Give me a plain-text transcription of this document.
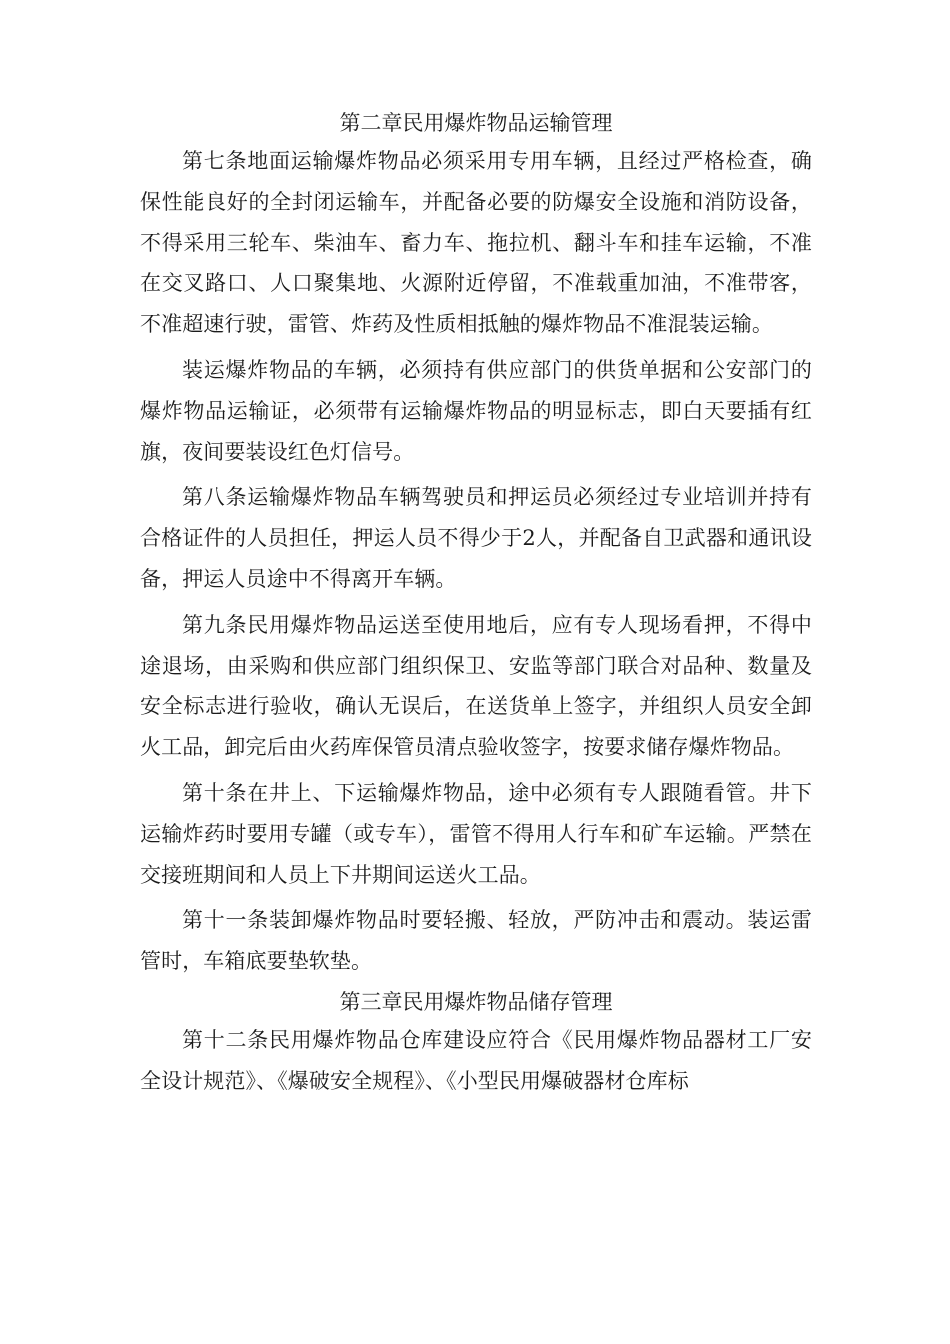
第二章民用爆炸物品运输管理

第七条地面运输爆炸物品必须采用专用车辆，且经过严格检查，确保性能良好的全封闭运输车，并配备必要的防爆安全设施和消防设备，不得采用三轮车、柴油车、畜力车、拖拉机、翻斗车和挂车运输，不准在交叉路口、人口聚集地、火源附近停留，不准载重加油，不准带客，不准超速行驶，雷管、炸药及性质相抵触的爆炸物品不准混装运输。

装运爆炸物品的车辆，必须持有供应部门的供货单据和公安部门的爆炸物品运输证，必须带有运输爆炸物品的明显标志，即白天要插有红旗，夜间要装设红色灯信号。

第八条运输爆炸物品车辆驾驶员和押运员必须经过专业培训并持有合格证件的人员担任，押运人员不得少于2人，并配备自卫武器和通讯设备，押运人员途中不得离开车辆。

第九条民用爆炸物品运送至使用地后，应有专人现场看押，不得中途退场，由采购和供应部门组织保卫、安监等部门联合对品种、数量及安全标志进行验收，确认无误后，在送货单上签字，并组织人员安全卸火工品，卸完后由火药库保管员清点验收签字，按要求储存爆炸物品。

第十条在井上、下运输爆炸物品，途中必须有专人跟随看管。井下运输炸药时要用专罐（或专车），雷管不得用人行车和矿车运输。严禁在交接班期间和人员上下井期间运送火工品。

第十一条装卸爆炸物品时要轻搬、轻放，严防冲击和震动。装运雷管时，车箱底要垫软垫。

第三章民用爆炸物品储存管理

第十二条民用爆炸物品仓库建设应符合《民用爆炸物品器材工厂安全设计规范》、《爆破安全规程》、《小型民用爆破器材仓库标
